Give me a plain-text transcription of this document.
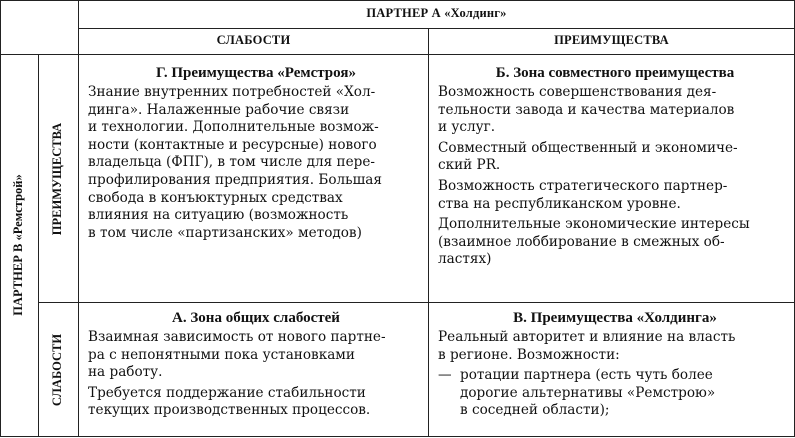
ПАРТНЕР А «Холдинг»
СЛАБОСТИ	ПРЕИМУЩЕСТВА
ПАРТНЕР В «Ремстрой» ПРЕИМУЩЕСТВА
СЛАБОСТИ
Г. Преимущества «Ремстроя»
Знание внутренних потребностей «Хол-
динга». Налаженные рабочие связи
и технологии. Дополнительные возмож-
ности (контактные и ресурсные) нового
владельца (ФПГ), в том числе для пере-
профилирования предприятия. Большая
свобода в конъюктурных средствах
влияния на ситуацию (возможность
в том числе «партизанских» методов)
Б. Зона совместного преимущества

Возможность совершенствования дея-
тельности завода и качества материалов
и услуг.

Совместный общественный и экономиче-
ский PR.

Возможность стратегического партнер-
ства на республиканском уровне.

Дополнительные экономические интересы
(взаимное лоббирование в смежных об-
ластях)

А. Зона общих слабостей

Взаимная зависимость от нового партне-
ра с непонятными пока установками
на работу.

Требуется поддержание стабильности
текущих производственных процессов.

В. Преимущества «Холдинга»
Реальный авторитет и влияние на власть
в регионе. Возможности:
— ротации партнера (есть чуть более
дорогие альтернативы «Ремстрою»
в соседней области);
